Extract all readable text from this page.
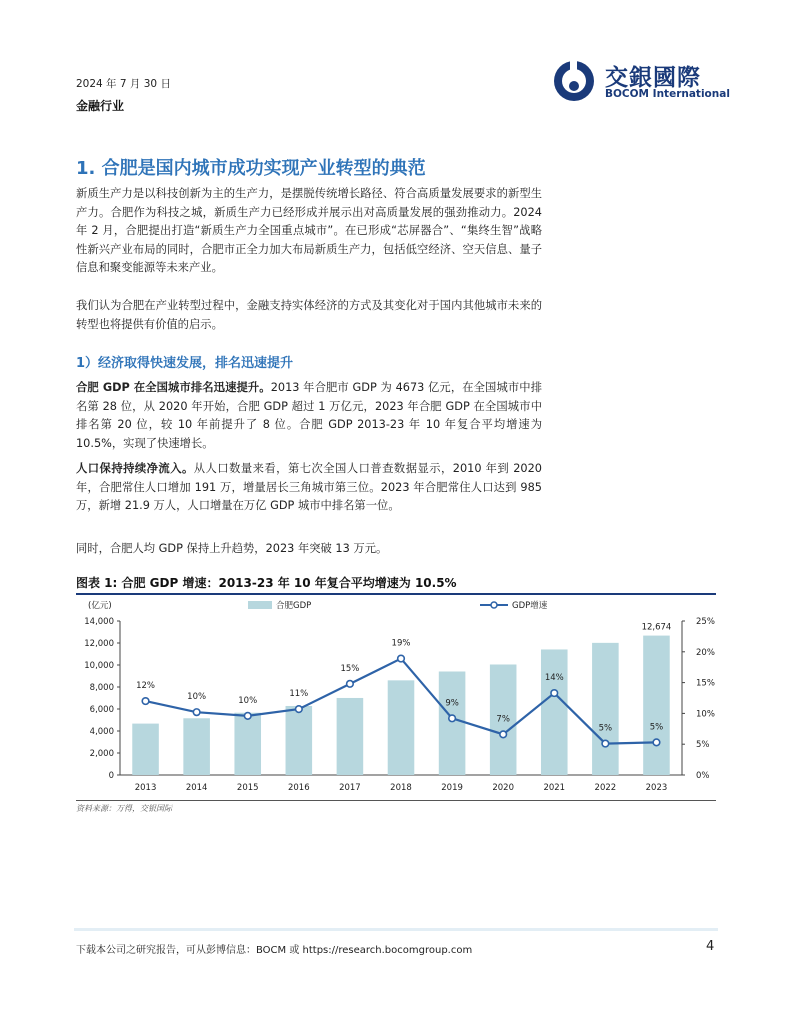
2024 年 7 月 30 日
金融行业
交銀國際
BOCOM International
1. 合肥是国内城市成功实现产业转型的典范
新质生产力是以科技创新为主的生产力，是摆脱传统增长路径、符合高质量发展要求的新型生产力。合肥作为科技之城，新质生产力已经形成并展示出对高质量发展的强劲推动力。2024 年 2 月，合肥提出打造“新质生产力全国重点城市”。在已形成“芯屏器合”、“集终生智”战略性新兴产业布局的同时，合肥市正全力加大布局新质生产力，包括低空经济、空天信息、量子信息和聚变能源等未来产业。
我们认为合肥在产业转型过程中，金融支持实体经济的方式及其变化对于国内其他城市未来的转型也将提供有价值的启示。
1）经济取得快速发展，排名迅速提升
合肥 GDP 在全国城市排名迅速提升。2013 年合肥市 GDP 为 4673 亿元，在全国城市中排名第 28 位，从 2020 年开始，合肥 GDP 超过 1 万亿元，2023 年合肥 GDP 在全国城市中排名第 20 位，较 10 年前提升了 8 位。合肥 GDP 2013-23 年 10 年复合平均增速为 10.5%，实现了快速增长。
人口保持持续净流入。从人口数量来看，第七次全国人口普查数据显示，2010 年到 2020 年，合肥常住人口增加 191 万，增量居长三角城市第三位。2023 年合肥常住人口达到 985 万，新增 21.9 万人，人口增量在万亿 GDP 城市中排名第一位。
同时，合肥人均 GDP 保持上升趋势，2023 年突破 13 万元。
图表 1: 合肥 GDP 增速：2013-23 年 10 年复合平均增速为 10.5%
0
2,000
4,000
6,000
8,000
10,000
12,000
14,000
0%
5%
10%
15%
20%
25%
(亿元)
12,674
2013	2014	2015	2016	2017	2018	2019	2020	2021	2022	2023
12%
10%	10%
11%
15%
19%
9%
7%
14%
5%	5%
合肥GDP	GDP增速
资料来源：万得，交银国际
下载本公司之研究报告，可从彭博信息：BOCM 或 https://research.bocomgroup.com	4
